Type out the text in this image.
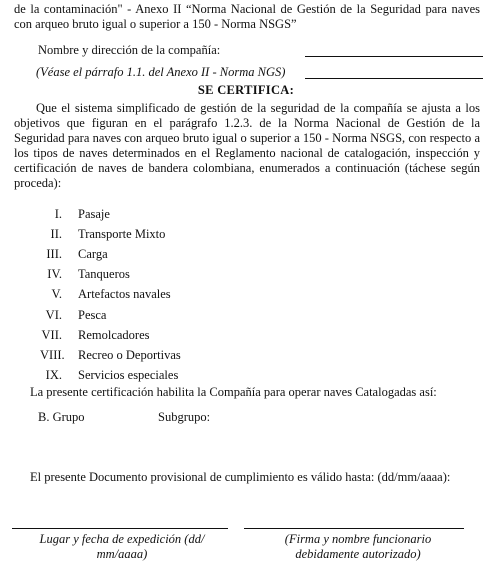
de la contaminación" - Anexo II “Norma Nacional de Gestión de la Seguridad para naves con arqueo bruto igual o superior a 150 - Norma NSGS”
Nombre y dirección de la compañía:
(Véase el párrafo 1.1. del Anexo II - Norma NGS)
SE CERTIFICA:
Que el sistema simplificado de gestión de la seguridad de la compañía se ajusta a los objetivos que figuran en el parágrafo 1.2.3. de la Norma Nacional de Gestión de la Seguridad para naves con arqueo bruto igual o superior a 150 - Norma NSGS, con respecto a los tipos de naves determinados en el Reglamento nacional de catalogación, inspección y certificación de naves de bandera colombiana, enumerados a continuación (táchese según proceda):
I.	Pasaje
II.	Transporte Mixto
III.	Carga
IV.	Tanqueros
V.	Artefactos navales
VI.	Pesca
VII.	Remolcadores
VIII.	Recreo o Deportivas
IX.	Servicios especiales
La presente certificación habilita la Compañía para operar naves Catalogadas así:
B. Grupo	Subgrupo:
El presente Documento provisional de cumplimiento es válido hasta: (dd/mm/aaaa):
Lugar y fecha de expedición (dd/ mm/aaaa)
(Firma y nombre funcionario debidamente autorizado)
